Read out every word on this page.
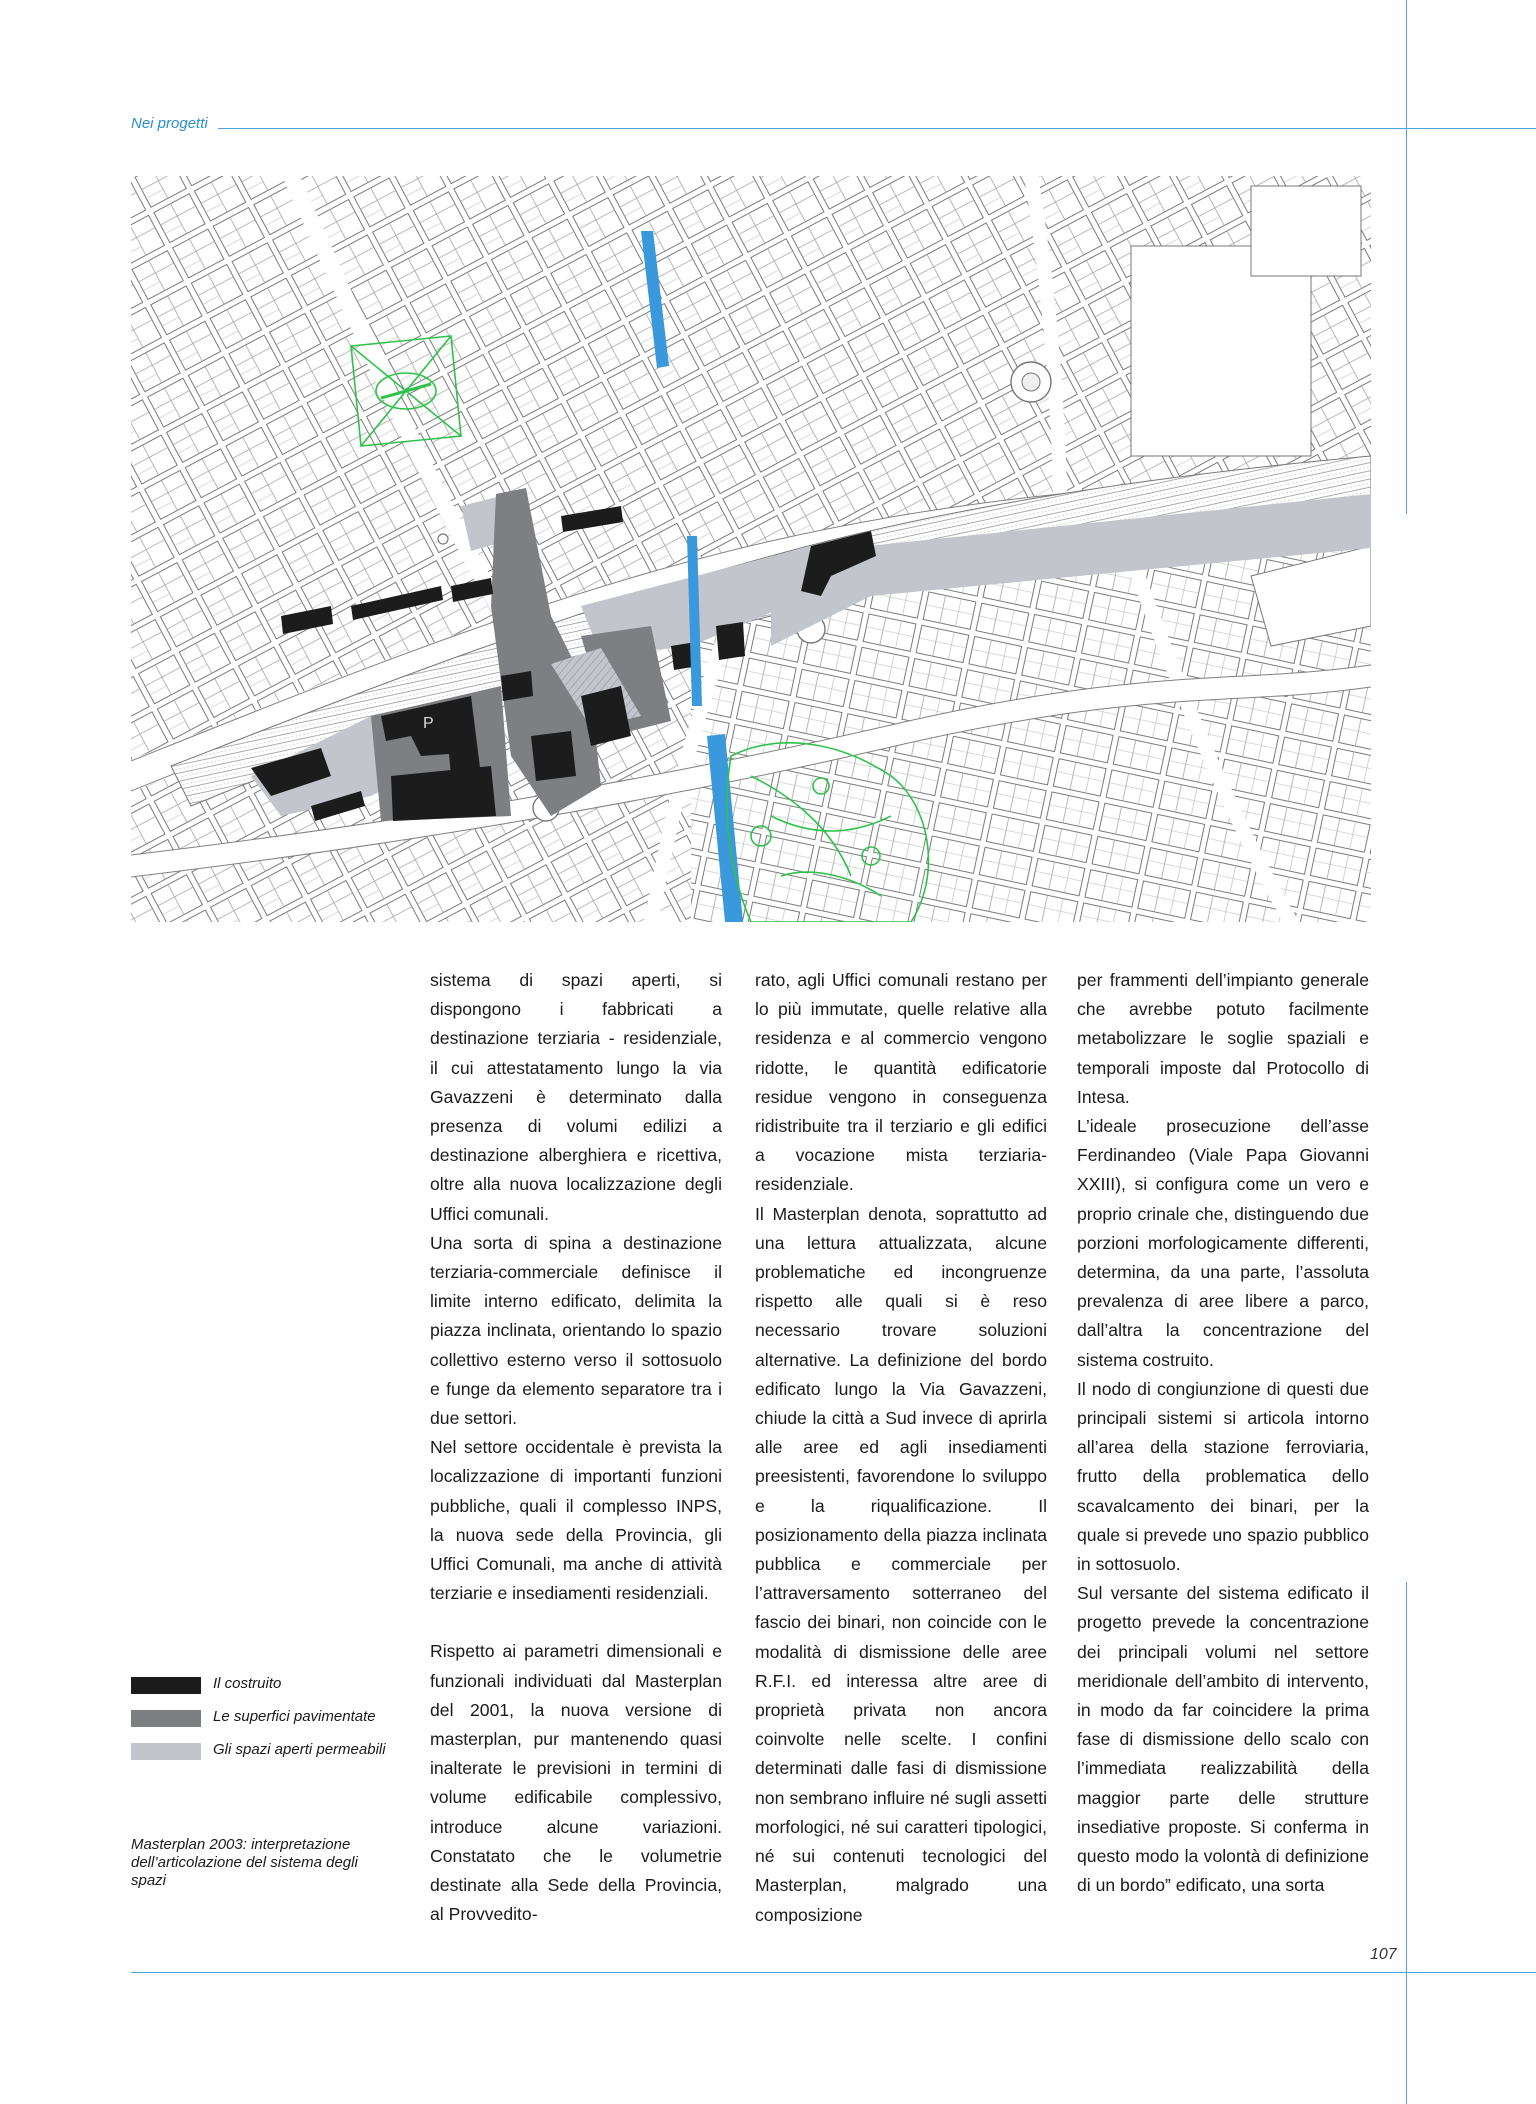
Nei progetti
P

sistema di spazi aperti, si dispongono i fabbricati a destinazione terziaria - residenziale, il cui attestatamento lungo la via Gavazzeni è determinato dalla presenza di volumi edilizi a destinazione alberghiera e ricettiva, oltre alla nuova localizzazione degli Uffici comunali.

Una sorta di spina a destinazione terziaria-commerciale definisce il limite interno edificato, delimita la piazza inclinata, orientando lo spazio collettivo esterno verso il sottosuolo e funge da elemento separatore tra i due settori.

Nel settore occidentale è prevista la localizzazione di importanti funzioni pubbliche, quali il complesso INPS, la nuova sede della Provincia, gli Uffici Comunali, ma anche di attività terziarie e insediamenti residenziali.

Rispetto ai parametri dimensionali e funzionali individuati dal Masterplan del 2001, la nuova versione di masterplan, pur mantenendo quasi inalterate le previsioni in termini di volume edificabile complessivo, introduce alcune variazioni. Constatato che le volumetrie destinate alla Sede della Provincia, al Provvedito-

rato, agli Uffici comunali restano per lo più immutate, quelle relative alla residenza e al commercio vengono ridotte, le quantità edificatorie residue vengono in conseguenza ridistribuite tra il terziario e gli edifici a vocazione mista terziaria-residenziale.

Il Masterplan denota, soprattutto ad una lettura attualizzata, alcune problematiche ed incongruenze rispetto alle quali si è reso necessario trovare soluzioni alternative. La definizione del bordo edificato lungo la Via Gavazzeni, chiude la città a Sud invece di aprirla alle aree ed agli insediamenti preesistenti, favorendone lo sviluppo e la riqualificazione. Il posizionamento della piazza inclinata pubblica e commerciale per l’attraversamento sotterraneo del fascio dei binari, non coincide con le modalità di dismissione delle aree R.F.I. ed interessa altre aree di proprietà privata non ancora coinvolte nelle scelte. I confini determinati dalle fasi di dismissione non sembrano influire né sugli assetti morfologici, né sui caratteri tipologici, né sui contenuti tecnologici del Masterplan, malgrado una composizione

per frammenti dell’impianto generale che avrebbe potuto facilmente metabolizzare le soglie spaziali e temporali imposte dal Protocollo di Intesa.

L’ideale prosecuzione dell’asse Ferdinandeo (Viale Papa Giovanni XXIII), si configura come un vero e proprio crinale che, distinguendo due porzioni morfologicamente differenti, determina, da una parte, l’assoluta prevalenza di aree libere a parco, dall’altra la concentrazione del sistema costruito.

Il nodo di congiunzione di questi due principali sistemi si articola intorno all’area della stazione ferroviaria, frutto della problematica dello scavalcamento dei binari, per la quale si prevede uno spazio pubblico in sottosuolo.

Sul versante del sistema edificato il progetto prevede la concentrazione dei principali volumi nel settore meridionale dell’ambito di intervento, in modo da far coincidere la prima fase di dismissione dello scalo con l’immediata realizzabilità della maggior parte delle strutture insediative proposte. Si conferma in questo modo la volontà di definizione di un bordo” edificato, una sorta

Il costruito
Le superfici pavimentate
Gli spazi aperti permeabili
Masterplan 2003: interpretazione dell’articolazione del sistema degli spazi
107
